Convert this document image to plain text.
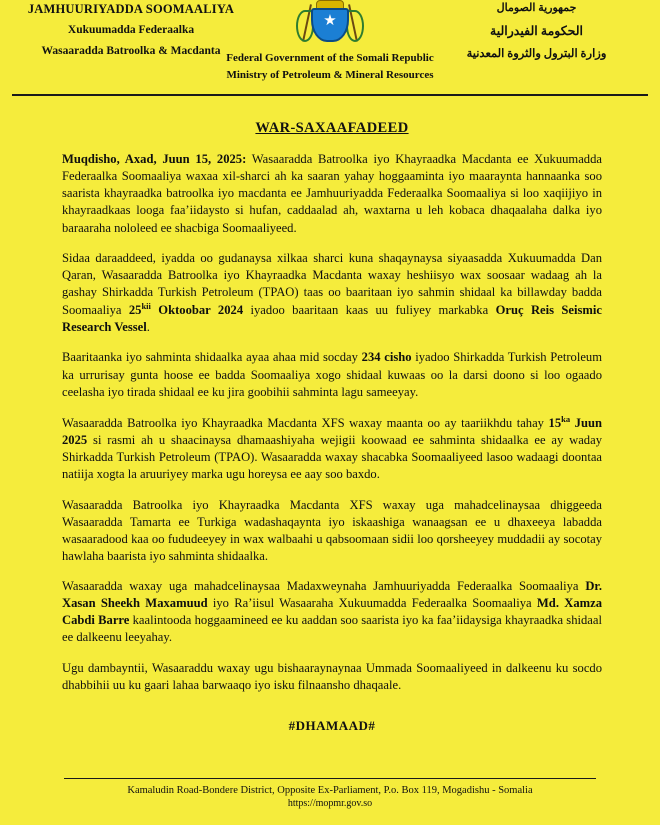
JAMHUURIYADDA SOOMAALIYA
Xukuumadda Federaalka
Wasaaradda Batroolka & Macdanta
★
جمهورية الصومال
الحكومة الفيدرالية
وزارة البترول والثروة المعدنية
Federal Government of the Somali Republic
Ministry of Petroleum & Mineral Resources
WAR-SAXAAFADEED

Muqdisho, Axad, Juun 15, 2025: Wasaaradda Batroolka iyo Khayraadka Macdanta ee Xukuumadda Federaalka Soomaaliya waxaa xil-sharci ah ka saaran yahay hoggaaminta iyo maaraynta hannaanka soo saarista khayraadka batroolka iyo macdanta ee Jamhuuriyadda Federaalka Soomaaliya si loo xaqiijiyo in khayraadkaas looga faa’iidaysto si hufan, caddaalad ah, waxtarna u leh kobaca dhaqaalaha dalka iyo baraaraha nololeed ee shacbiga Soomaaliyeed.

Sidaa daraaddeed, iyadda oo gudanaysa xilkaa sharci kuna shaqaynaysa siyaasadda Xukuumadda Dan Qaran, Wasaaradda Batroolka iyo Khayraadka Macdanta waxay heshiisyo wax soosaar wadaag ah la gashay Shirkadda Turkish Petroleum (TPAO) taas oo baaritaan iyo sahmin shidaal ka billawday badda Soomaaliya $25^{kii}$ Oktoobar 2024 iyadoo baaritaan kaas uu fuliyey markabka Oruç Reis Seismic Research Vessel.

Baaritaanka iyo sahminta shidaalka ayaa ahaa mid socday 234 cisho iyadoo Shirkadda Turkish Petroleum ka urrurisay gunta hoose ee badda Soomaaliya xogo shidaal kuwaas oo la darsi doono si loo ogaado ceelasha iyo tirada shidaal ee ku jira goobihii sahminta lagu sameeyay.

Wasaaradda Batroolka iyo Khayraadka Macdanta XFS waxay maanta oo ay taariikhdu tahay $15^{ka}$ Juun 2025 si rasmi ah u shaacinaysa dhamaashiyaha wejigii koowaad ee sahminta shidaalka ee ay waday Shirkadda Turkish Petroleum (TPAO). Wasaaradda waxay shacabka Soomaaliyeed lasoo wadaagi doontaa natiija xogta la aruuriyey marka ugu horeysa ee aay soo baxdo.

Wasaaradda Batroolka iyo Khayraadka Macdanta XFS waxay uga mahadcelinaysaa dhiggeeda Wasaaradda Tamarta ee Turkiga wadashaqaynta iyo iskaashiga wanaagsan ee u dhaxeeya labadda wasaaradood kaa oo fududeeyey in wax walbaahi u qabsoomaan sidii loo qorsheeyey muddadii ay socotay hawlaha baarista iyo sahminta shidaalka.

Wasaaradda waxay uga mahadcelinaysaa Madaxweynaha Jamhuuriyadda Federaalka Soomaaliya Dr. Xasan Sheekh Maxamuud iyo Ra’iisul Wasaaraha Xukuumadda Federaalka Soomaaliya Md. Xamza Cabdi Barre kaalintooda hoggaamineed ee ku aaddan soo saarista iyo ka faa’iidaysiga khayraadka shidaal ee dalkeenu leeyahay.

Ugu dambayntii, Wasaaraddu waxay ugu bishaaraynaynaa Ummada Soomaaliyeed in dalkeenu ku socdo dhabbihii uu ku gaari lahaa barwaaqo iyo isku filnaansho dhaqaale.

#DHAMAAD#
Kamaludin Road-Bondere District, Opposite Ex-Parliament, P.o. Box 119, Mogadishu - Somalia
https://mopmr.gov.so
